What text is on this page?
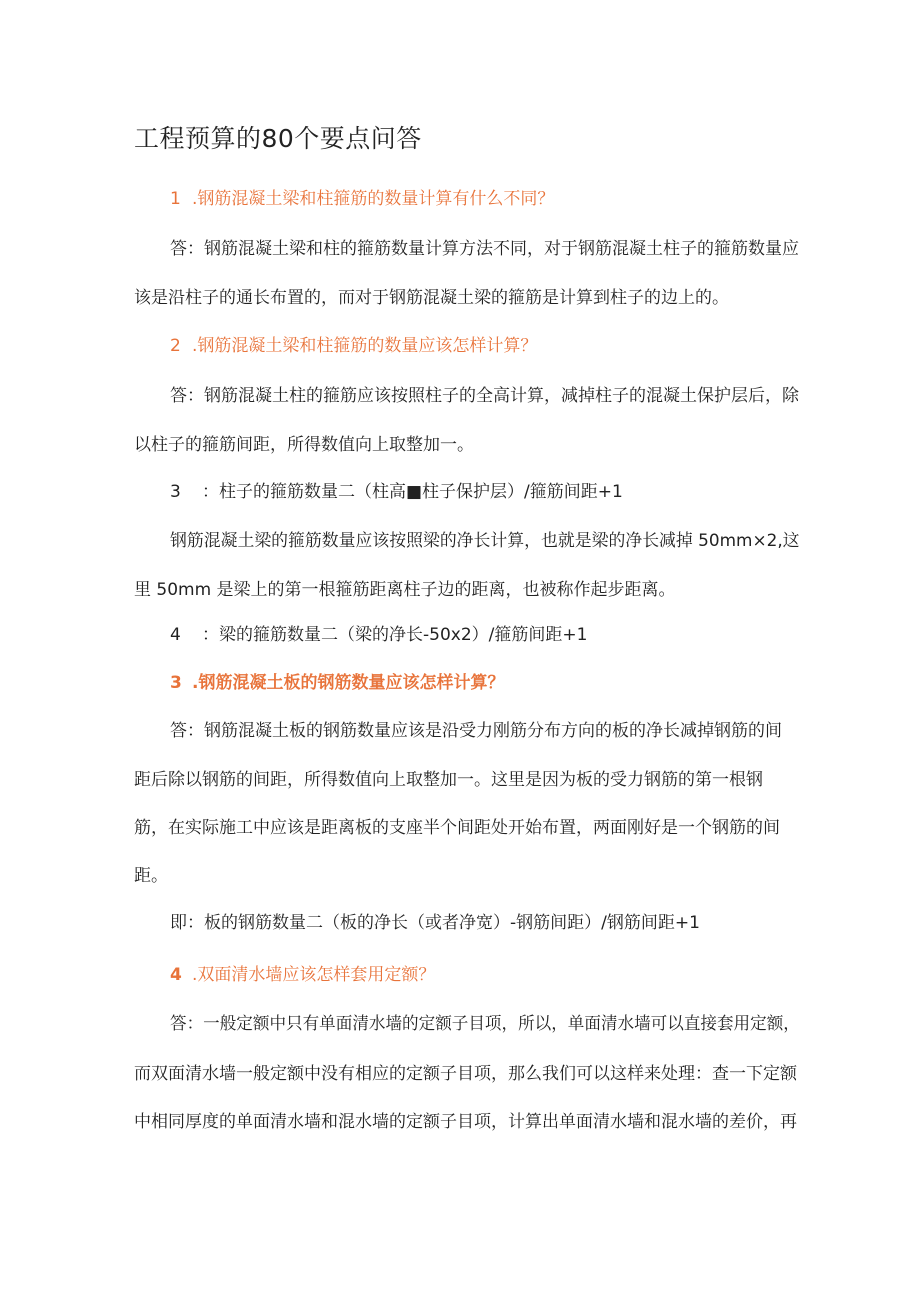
工程预算的80个要点问答
1 .钢筋混凝土梁和柱箍筋的数量计算有什么不同？
答：钢筋混凝土梁和柱的箍筋数量计算方法不同，对于钢筋混凝土柱子的箍筋数量应
该是沿柱子的通长布置的，而对于钢筋混凝土梁的箍筋是计算到柱子的边上的。
2 .钢筋混凝土梁和柱箍筋的数量应该怎样计算？
答：钢筋混凝土柱的箍筋应该按照柱子的全高计算，减掉柱子的混凝土保护层后，除
以柱子的箍筋间距，所得数值向上取整加一。
3 ：柱子的箍筋数量二（柱高■柱子保护层）/箍筋间距+1
钢筋混凝土梁的箍筋数量应该按照梁的净长计算，也就是梁的净长减掉 50mm×2,这
里 50mm 是梁上的第一根箍筋距离柱子边的距离，也被称作起步距离。
4 ：梁的箍筋数量二（梁的净长-50x2）/箍筋间距+1
3 .钢筋混凝土板的钢筋数量应该怎样计算？
答：钢筋混凝土板的钢筋数量应该是沿受力刚筋分布方向的板的净长减掉钢筋的间
距后除以钢筋的间距，所得数值向上取整加一。这里是因为板的受力钢筋的第一根钢
筋，在实际施工中应该是距离板的支座半个间距处开始布置，两面刚好是一个钢筋的间
距。
即：板的钢筋数量二（板的净长（或者净宽）-钢筋间距）/钢筋间距+1
4 .双面清水墙应该怎样套用定额？
答：一般定额中只有单面清水墙的定额子目项，所以，单面清水墙可以直接套用定额，
而双面清水墙一般定额中没有相应的定额子目项，那么我们可以这样来处理：查一下定额
中相同厚度的单面清水墙和混水墙的定额子目项，计算出单面清水墙和混水墙的差价，再
